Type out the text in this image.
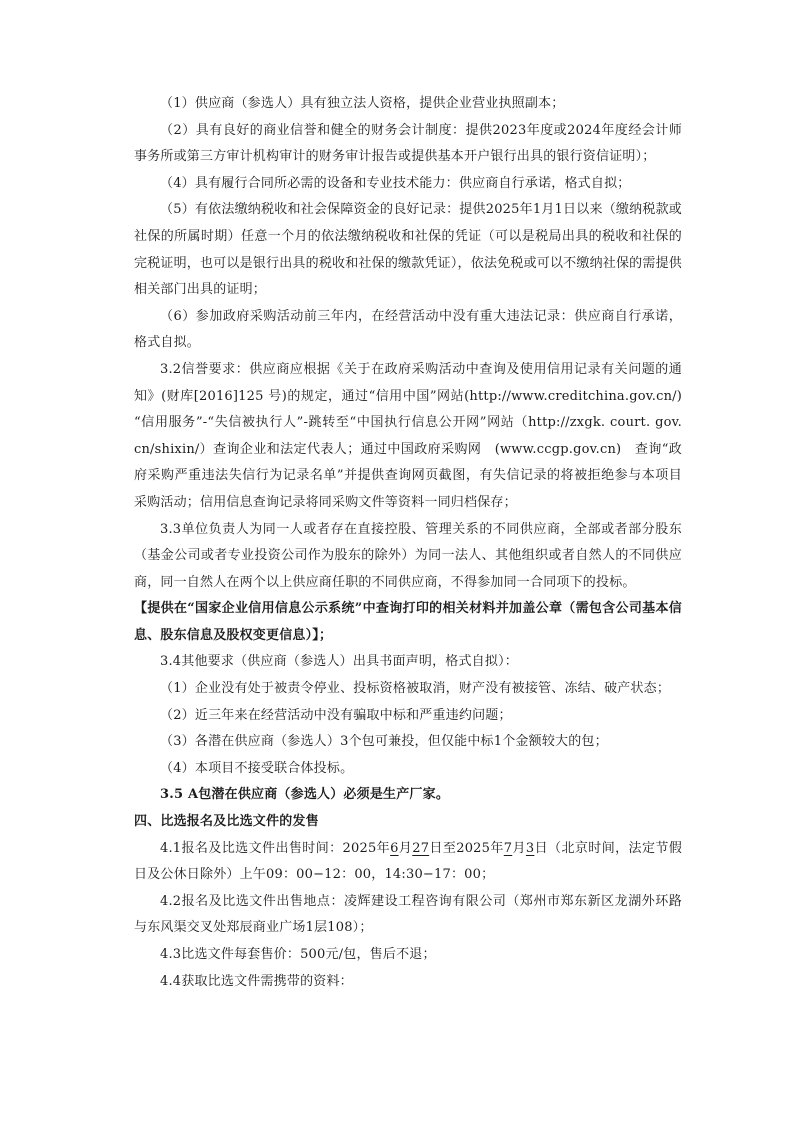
（1）供应商（参选人）具有独立法人资格，提供企业营业执照副本；

（2）具有良好的商业信誉和健全的财务会计制度：提供2023年度或2024年度经会计师事务所或第三方审计机构审计的财务审计报告或提供基本开户银行出具的银行资信证明）；

（4）具有履行合同所必需的设备和专业技术能力：供应商自行承诺，格式自拟；

（5）有依法缴纳税收和社会保障资金的良好记录：提供2025年1月1日以来（缴纳税款或社保的所属时期）任意一个月的依法缴纳税收和社保的凭证（可以是税局出具的税收和社保的完税证明，也可以是银行出具的税收和社保的缴款凭证），依法免税或可以不缴纳社保的需提供相关部门出具的证明；

（6）参加政府采购活动前三年内，在经营活动中没有重大违法记录：供应商自行承诺，格式自拟。

3.2信誉要求：供应商应根据《关于在政府采购活动中查询及使用信用记录有关问题的通知》(财库[2016]125 号)的规定，通过“信用中国”网站(http://www.creditchina.gov.cn/) “信用服务”-“失信被执行人”-跳转至“中国执行信息公开网”网站（http://zxgk. court. gov. cn/shixin/）查询企业和法定代表人；通过中国政府采购网　(www.ccgp.gov.cn)　查询“政府采购严重违法失信行为记录名单”并提供查询网页截图，有失信记录的将被拒绝参与本项目采购活动；信用信息查询记录将同采购文件等资料一同归档保存；

3.3单位负责人为同一人或者存在直接控股、管理关系的不同供应商，全部或者部分股东（基金公司或者专业投资公司作为股东的除外）为同一法人、其他组织或者自然人的不同供应商，同一自然人在两个以上供应商任职的不同供应商，不得参加同一合同项下的投标。

【提供在“国家企业信用信息公示系统”中查询打印的相关材料并加盖公章（需包含公司基本信息、股东信息及股权变更信息）】；

3.4其他要求（供应商（参选人）出具书面声明，格式自拟）：

（1）企业没有处于被责令停业、投标资格被取消，财产没有被接管、冻结、破产状态；

（2）近三年来在经营活动中没有骗取中标和严重违约问题；

（3）各潜在供应商（参选人）3个包可兼投，但仅能中标1个金额较大的包；

（4）本项目不接受联合体投标。

3.5 A包潜在供应商（参选人）必须是生产厂家。

四、比选报名及比选文件的发售

4.1报名及比选文件出售时间：2025年6月27日至2025年7月3日（北京时间，法定节假日及公休日除外）上午09：00−12：00，14:30−17：00；

4.2报名及比选文件出售地点：凌辉建设工程咨询有限公司（郑州市郑东新区龙湖外环路与东风渠交叉处郑辰商业广场1层108）；

4.3比选文件每套售价：500元/包，售后不退；

4.4获取比选文件需携带的资料：
